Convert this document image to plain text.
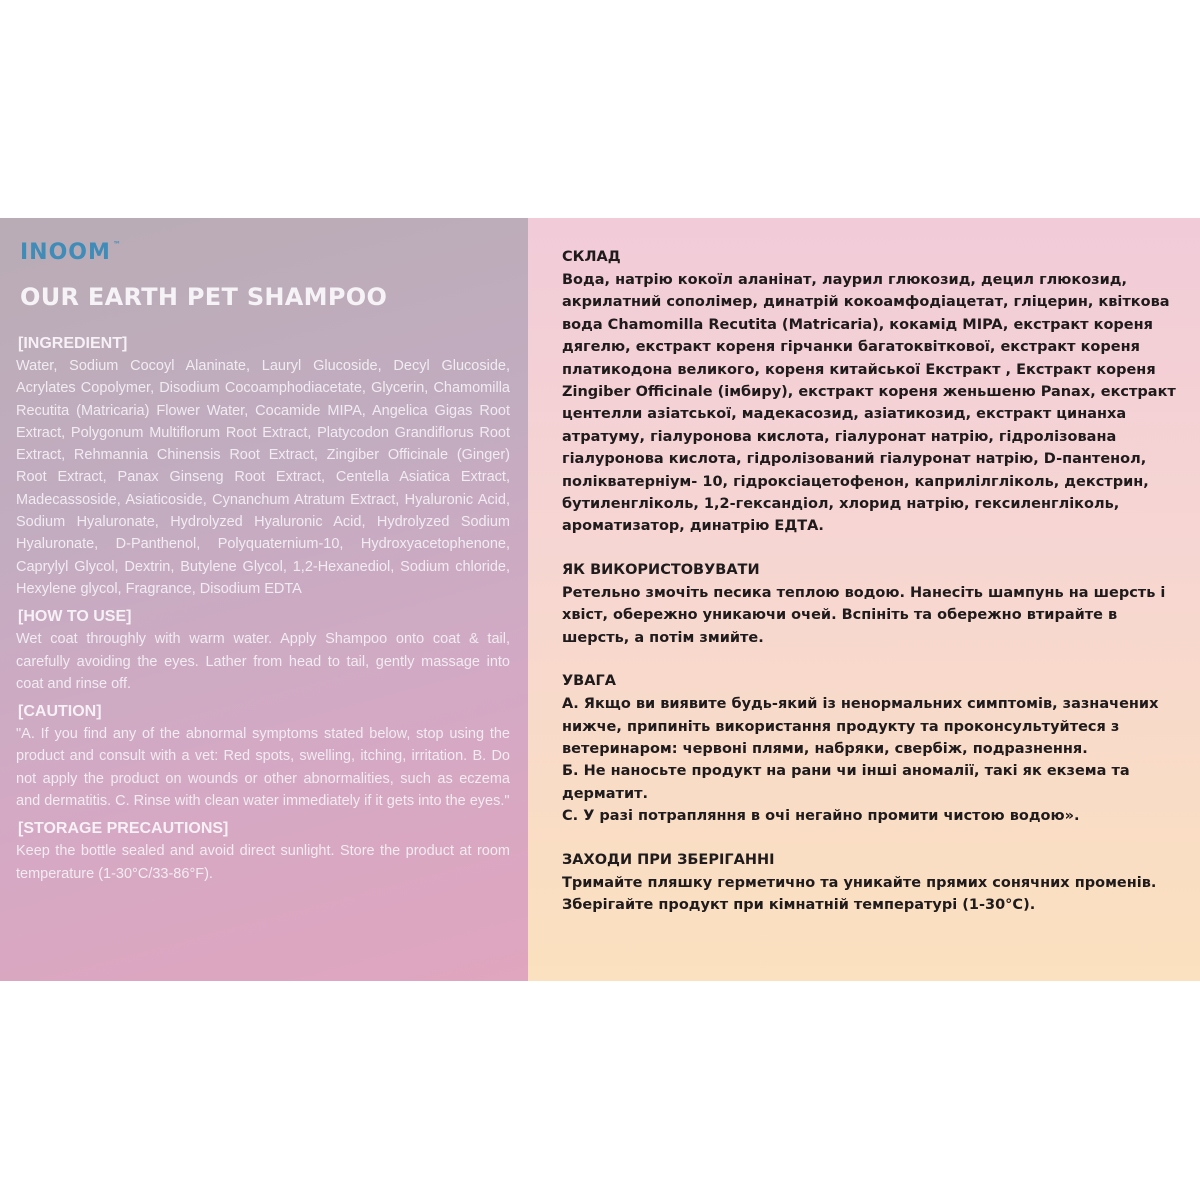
INOOM ™
OUR EARTH PET SHAMPOO
[INGREDIENT]
Water, Sodium Cocoyl Alaninate, Lauryl Glucoside, Decyl Glucoside, Acrylates Copolymer, Disodium Cocoamphodiacetate, Glycerin, Chamomilla Recutita (Matricaria) Flower Water, Cocamide MIPA, Angelica Gigas Root Extract, Polygonum Multiflorum Root Extract, Platycodon Grandiflorus Root Extract, Rehmannia Chinensis Root Extract, Zingiber Officinale (Ginger) Root Extract, Panax Ginseng Root Extract, Centella Asiatica Extract, Madecassoside, Asiaticoside, Cynanchum Atratum Extract, Hyaluronic Acid, Sodium Hyaluronate, Hydrolyzed Hyaluronic Acid, Hydrolyzed Sodium Hyaluronate, D-Panthenol, Polyquaternium-10, Hydroxyacetophenone, Caprylyl Glycol, Dextrin, Butylene Glycol, 1,2-Hexanediol, Sodium chloride, Hexylene glycol, Fragrance, Disodium EDTA
[HOW TO USE]
Wet coat throughly with warm water. Apply Shampoo onto coat & tail, carefully avoiding the eyes. Lather from head to tail, gently massage into coat and rinse off.
[CAUTION]
"A. If you find any of the abnormal symptoms stated below, stop using the product and consult with a vet: Red spots, swelling, itching, irritation. B. Do not apply the product on wounds or other abnormalities, such as eczema and dermatitis. C. Rinse with clean water immediately if it gets into the eyes."
[STORAGE PRECAUTIONS]
Keep the bottle sealed and avoid direct sunlight. Store the product at room temperature (1-30°C/33-86°F).
СКЛАД
Вода, натрію кокоїл аланінат, лаурил глюкозид, децил глюкозид, акрилатний сополімер, динатрій кокоамфодіацетат, гліцерин, квіткова вода Chamomilla Recutita (Matricaria), кокамід MIPA, екстракт кореня дягелю, екстракт кореня гірчанки багатоквіткової, екстракт кореня платикодона великого, кореня китайської Екстракт , Екстракт кореня Zingiber Officinale (імбиру), екстракт кореня женьшеню Panax, екстракт центелли азіатської, мадекасозид, азіатикозид, екстракт цинанха атратуму, гіалуронова кислота, гіалуронат натрію, гідролізована гіалуронова кислота, гідролізований гіалуронат натрію, D-пантенол, полікватерніум- 10, гідроксіацетофенон, каприлілгліколь, декстрин, бутиленгліколь, 1,2-гександіол, хлорид натрію, гексиленгліколь, ароматизатор, динатрію ЕДТА.
ЯК ВИКОРИСТОВУВАТИ
Ретельно змочіть песика теплою водою. Нанесіть шампунь на шерсть і хвіст, обережно уникаючи очей. Вспініть та обережно втирайте в шерсть, а потім змийте.
УВАГА
А. Якщо ви виявите будь-який із ненормальних симптомів, зазначених нижче, припиніть використання продукту та проконсультуйтеся з ветеринаром: червоні плями, набряки, свербіж, подразнення.
Б. Не наносьте продукт на рани чи інші аномалії, такі як екзема та дерматит.
С. У разі потрапляння в очі негайно промити чистою водою».
ЗАХОДИ ПРИ ЗБЕРІГАННІ
Тримайте пляшку герметично та уникайте прямих сонячних променів. Зберігайте продукт при кімнатній температурі (1-30°C).
